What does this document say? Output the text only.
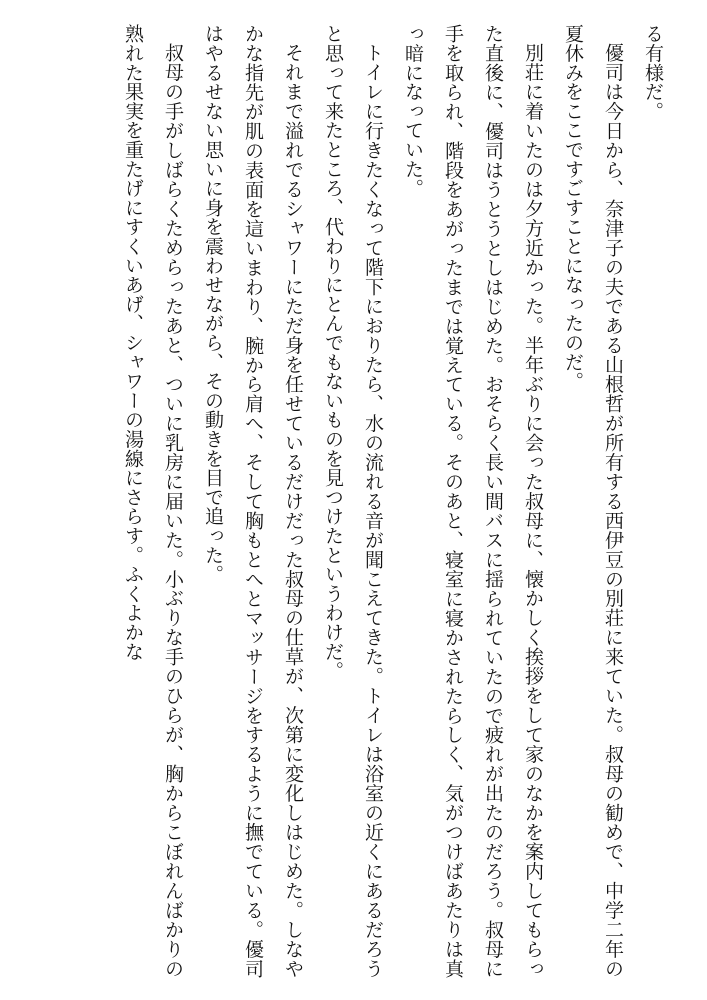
る有様だ。

優司は今日から、奈津子の夫である山根哲が所有する西伊豆の別荘に来ていた。叔母の勧めで、中学二年の夏休みをここですごすことになったのだ。

別荘に着いたのは夕方近かった。半年ぶりに会った叔母に、懐かしく挨拶をして家のなかを案内してもらった直後に、優司はうとうとしはじめた。おそらく長い間バスに揺られていたので疲れが出たのだろう。叔母に手を取られ、階段をあがったまでは覚えている。そのあと、寝室に寝かされたらしく、気がつけばあたりは真っ暗になっていた。

トイレに行きたくなって階下におりたら、水の流れる音が聞こえてきた。トイレは浴室の近くにあるだろうと思って来たところ、代わりにとんでもないものを見つけたというわけだ。

それまで溢れでるシャワーにただ身を任せているだけだった叔母の仕草が、次第に変化しはじめた。しなやかな指先が肌の表面を這いまわり、腕から肩へ、そして胸もとへとマッサージをするように撫でている。優司はやるせない思いに身を震わせながら、その動きを目で追った。

叔母の手がしばらくためらったあと、ついに乳房に届いた。小ぶりな手のひらが、胸からこぼれんばかりの熟れた果実を重たげにすくいあげ、シャワーの湯線にさらす。ふくよかな
